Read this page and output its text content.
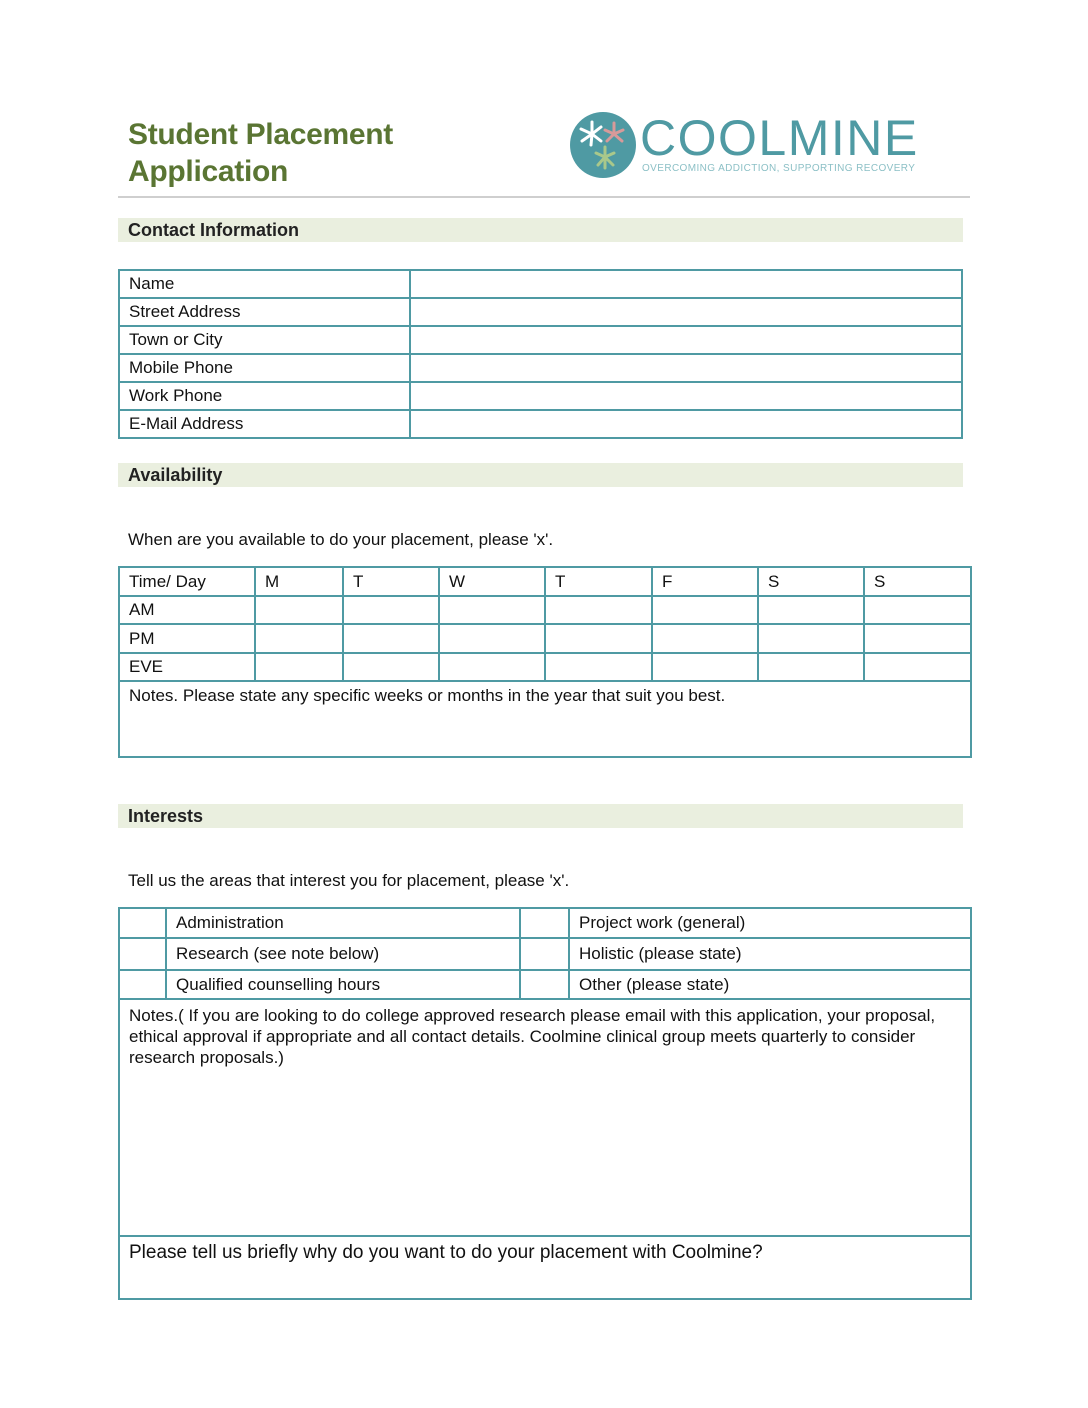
Student Placement
Application
COOLMINE
OVERCOMING ADDICTION, SUPPORTING RECOVERY
Contact Information
Name	
Street Address	
Town or City	
Mobile Phone	
Work Phone	
E-Mail Address	
Availability
When are you available to do your placement, please 'x'.
Time/ Day	M	T	W	T	F	S	S
AM							
PM							
EVE							
Notes. Please state any specific weeks or months in the year that suit you best.							
Interests
Tell us the areas that interest you for placement, please 'x'.
	Administration		Project work (general)
	Research (see note below)		Holistic (please state)
	Qualified counselling hours		Other (please state)
Notes.( If you are looking to do college approved research please email with this application, your proposal, ethical approval if appropriate and all contact details. Coolmine clinical group meets quarterly to consider research proposals.)			
Please tell us briefly why do you want to do your placement with Coolmine?			
